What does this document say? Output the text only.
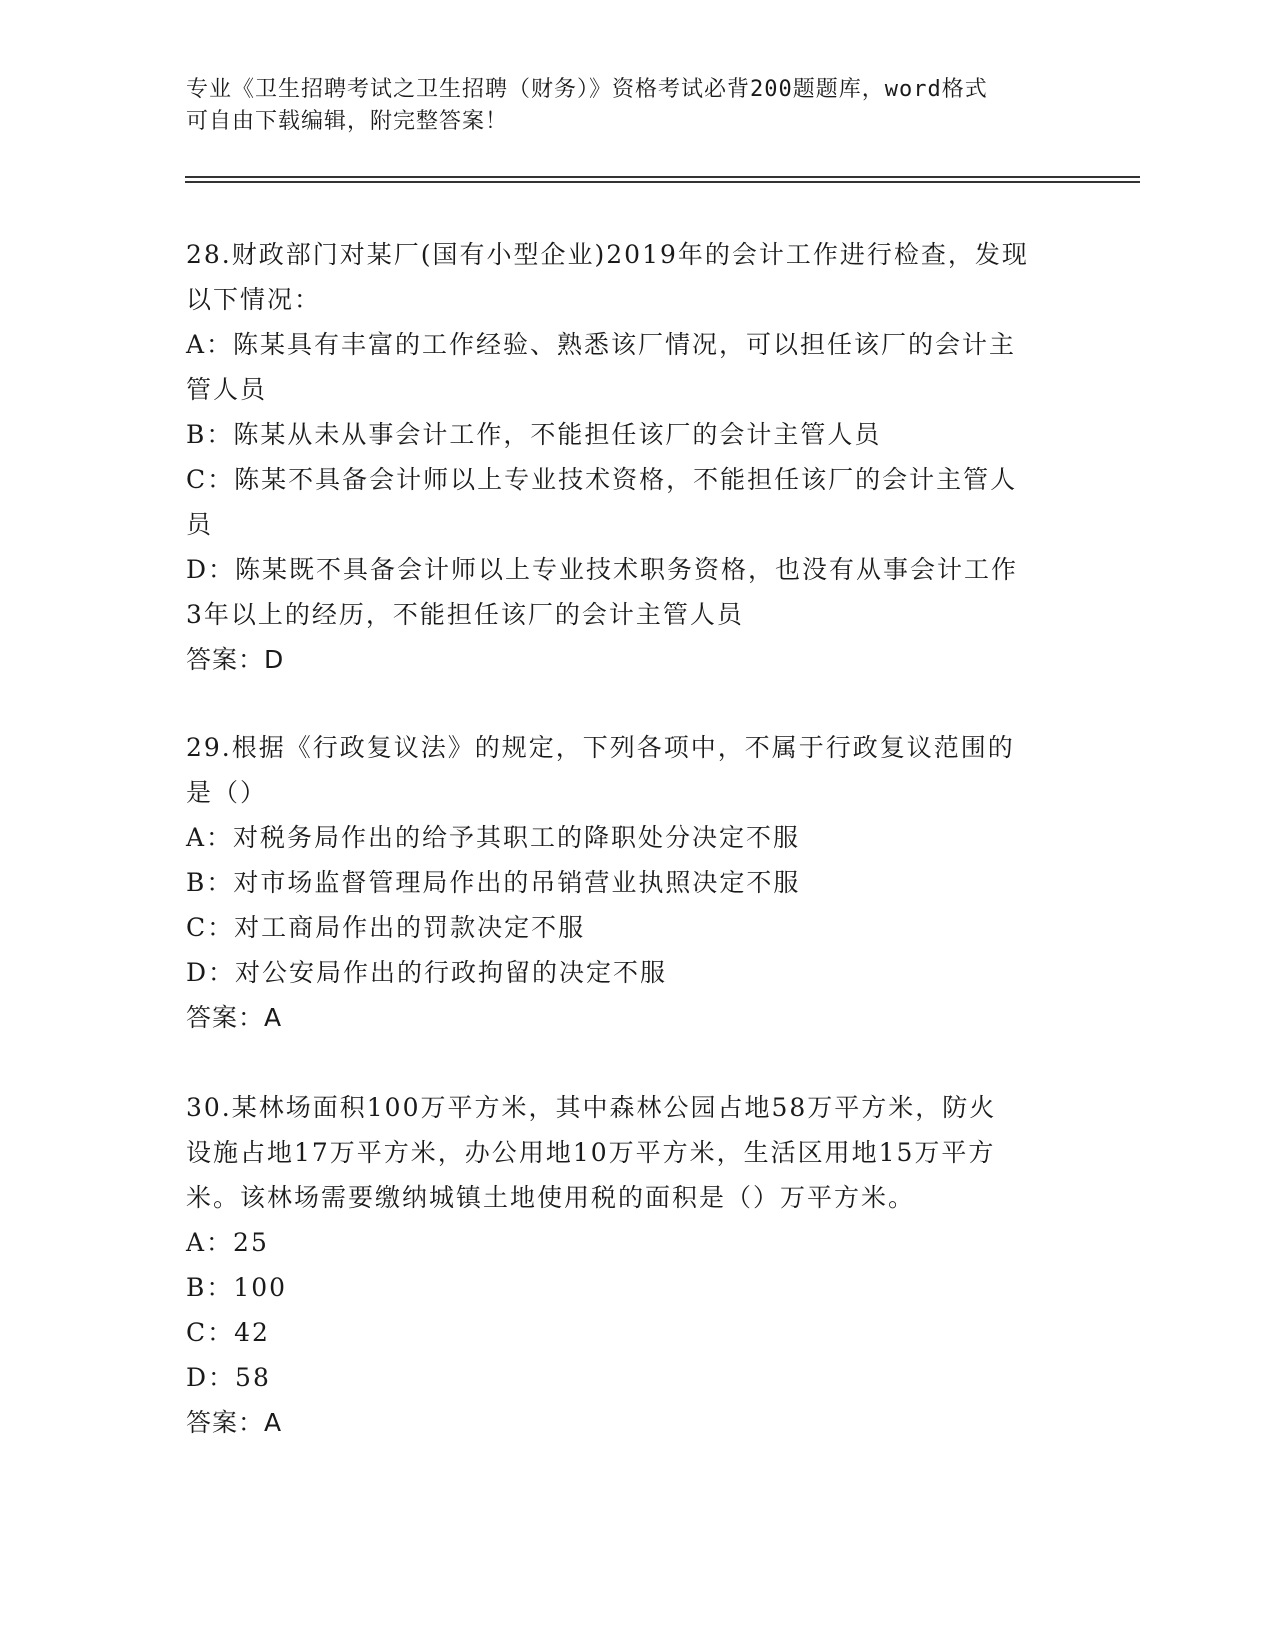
专业《卫生招聘考试之卫生招聘（财务）》资格考试必背200题题库，word格式
可自由下载编辑，附完整答案！
28.财政部门对某厂(国有小型企业)2019年的会计工作进行检查，发现
以下情况：
A：陈某具有丰富的工作经验、熟悉该厂情况，可以担任该厂的会计主
管人员
B：陈某从未从事会计工作，不能担任该厂的会计主管人员
C：陈某不具备会计师以上专业技术资格，不能担任该厂的会计主管人
员
D：陈某既不具备会计师以上专业技术职务资格，也没有从事会计工作
3年以上的经历，不能担任该厂的会计主管人员
答案：D
29.根据《行政复议法》的规定，下列各项中，不属于行政复议范围的
是（）
A：对税务局作出的给予其职工的降职处分决定不服
B：对市场监督管理局作出的吊销营业执照决定不服
C：对工商局作出的罚款决定不服
D：对公安局作出的行政拘留的决定不服
答案：A
30.某林场面积100万平方米，其中森林公园占地58万平方米，防火
设施占地17万平方米，办公用地10万平方米，生活区用地15万平方
米。该林场需要缴纳城镇土地使用税的面积是（）万平方米。
A：25
B：100
C：42
D：58
答案：A
